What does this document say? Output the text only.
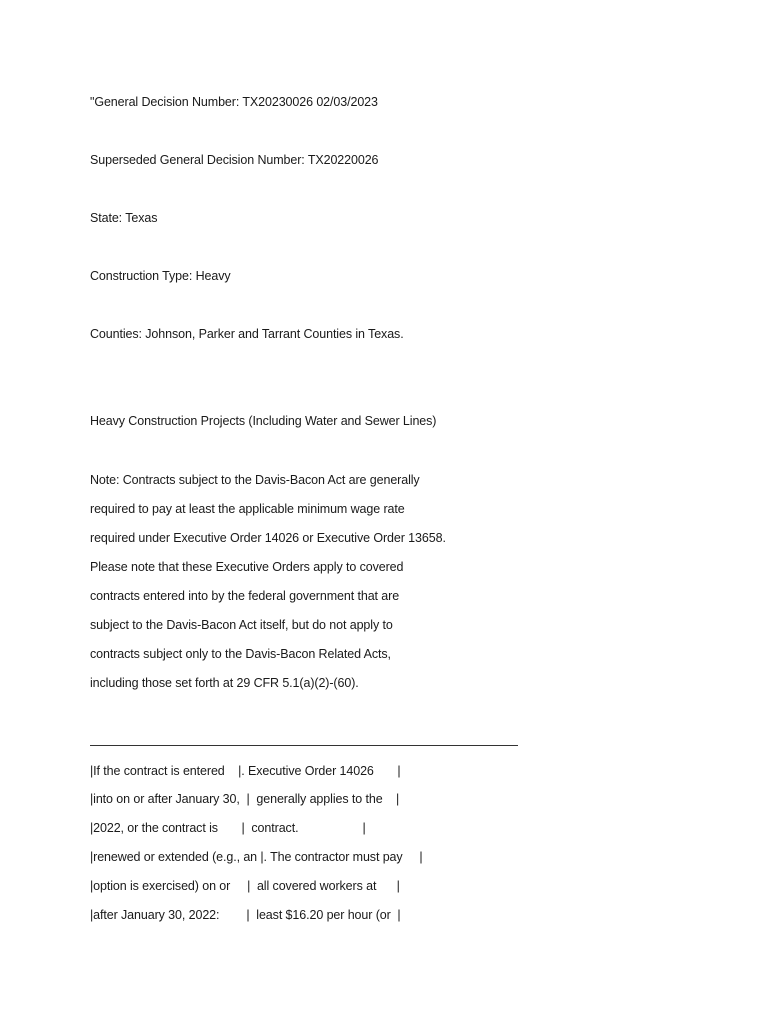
"General Decision Number: TX20230026 02/03/2023
Superseded General Decision Number: TX20220026
State: Texas
Construction Type: Heavy
Counties: Johnson, Parker and Tarrant Counties in Texas.
Heavy Construction Projects (Including Water and Sewer Lines)
Note: Contracts subject to the Davis-Bacon Act are generally
required to pay at least the applicable minimum wage rate
required under Executive Order 14026 or Executive Order 13658.
Please note that these Executive Orders apply to covered
contracts entered into by the federal government that are
subject to the Davis-Bacon Act itself, but do not apply to
contracts subject only to the Davis-Bacon Related Acts,
including those set forth at 29 CFR 5.1(a)(2)-(60).
|If the contract is entered    |. Executive Order 14026       |
|into on or after January 30,  |  generally applies to the    |
|2022, or the contract is       |  contract.                   |
|renewed or extended (e.g., an |. The contractor must pay     |
|option is exercised) on or     |  all covered workers at      |
|after January 30, 2022:        |  least $16.20 per hour (or  |
